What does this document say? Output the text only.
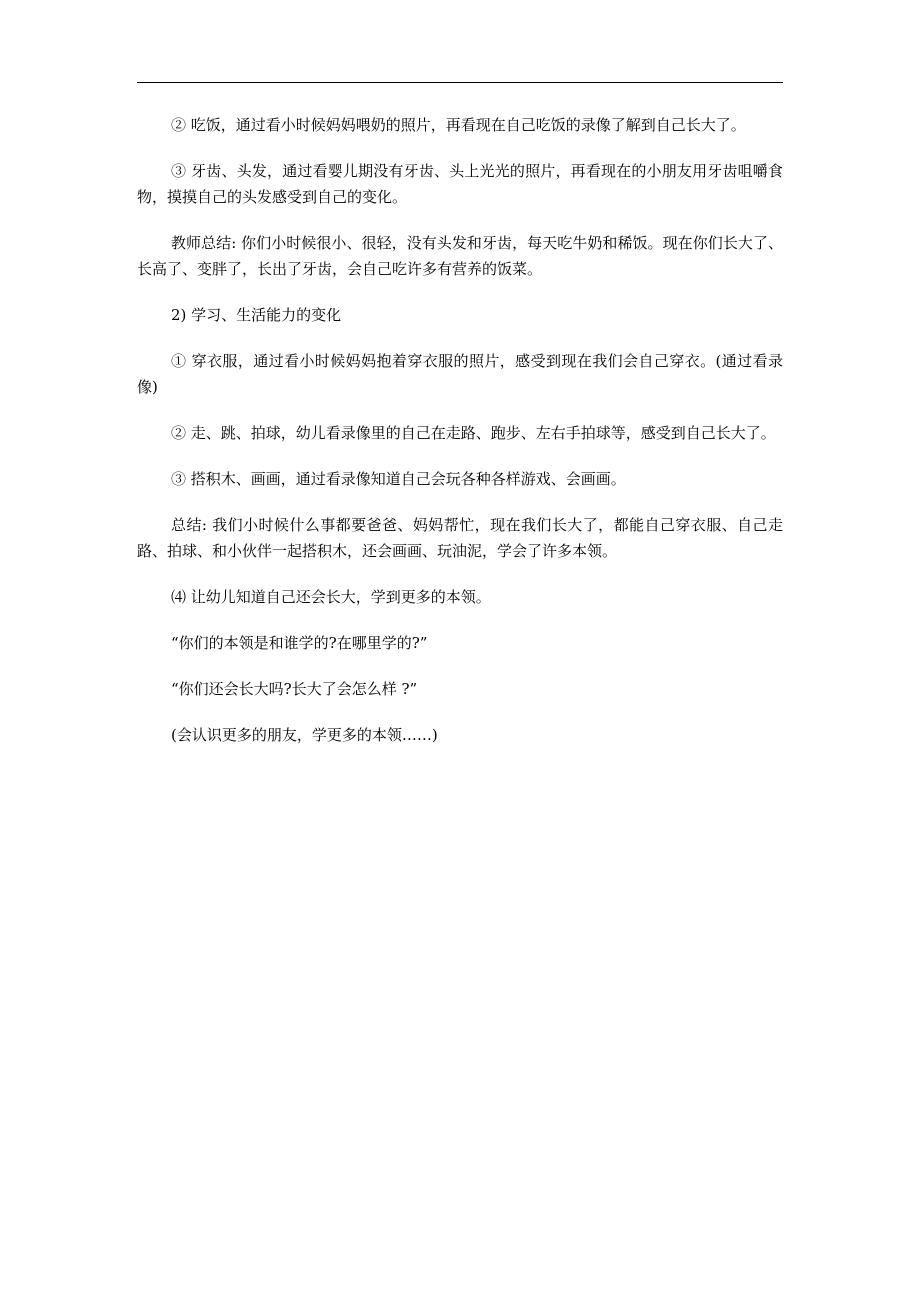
② 吃饭，通过看小时候妈妈喂奶的照片，再看现在自己吃饭的录像了解到自己长大了。

③ 牙齿、头发，通过看婴儿期没有牙齿、头上光光的照片，再看现在的小朋友用牙齿咀嚼食物，摸摸自己的头发感受到自己的变化。

教师总结: 你们小时候很小、很轻，没有头发和牙齿，每天吃牛奶和稀饭。现在你们长大了、长高了、变胖了，长出了牙齿，会自己吃许多有营养的饭菜。

2) 学习、生活能力的变化

① 穿衣服，通过看小时候妈妈抱着穿衣服的照片，感受到现在我们会自己穿衣。(通过看录像)

② 走、跳、拍球，幼儿看录像里的自己在走路、跑步、左右手拍球等，感受到自己长大了。

③ 搭积木、画画，通过看录像知道自己会玩各种各样游戏、会画画。

总结: 我们小时候什么事都要爸爸、妈妈帮忙，现在我们长大了，都能自己穿衣服、自己走路、拍球、和小伙伴一起搭积木，还会画画、玩油泥，学会了许多本领。

⑷ 让幼儿知道自己还会长大，学到更多的本领。

“你们的本领是和谁学的?在哪里学的?”

“你们还会长大吗?长大了会怎么样 ?”

(会认识更多的朋友，学更多的本领……)
